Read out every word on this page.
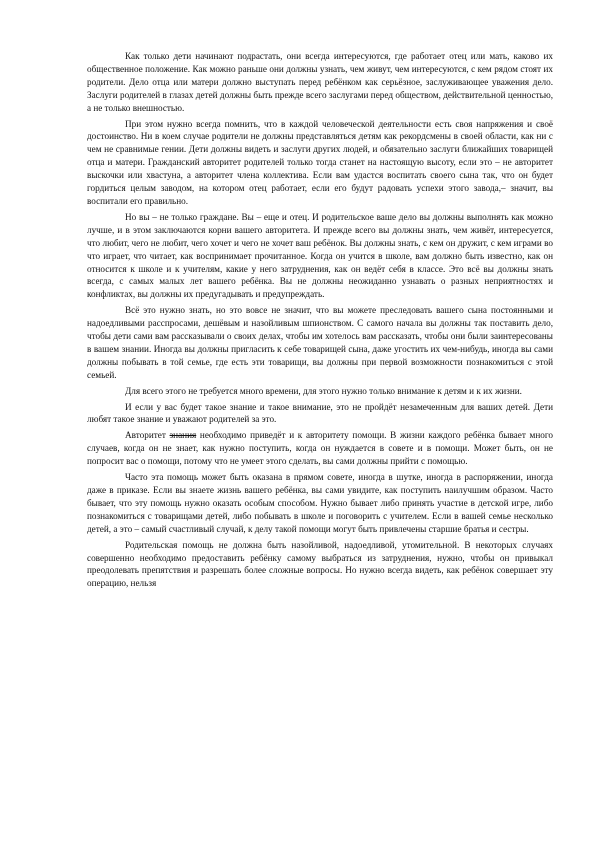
Как только дети начинают подрастать, они всегда интересуются, где работает отец или мать, каково их общественное положение. Как можно раньше они должны узнать, чем живут, чем интересуются, с кем рядом стоят их родители. Дело отца или матери должно выступать перед ребёнком как серьёзное, заслуживающее уважения дело. Заслуги родителей в глазах детей должны быть прежде всего заслугами перед обществом, действительной ценностью, а не только внешностью.

При этом нужно всегда помнить, что в каждой человеческой деятельности есть своя напряжения и своё достоинство. Ни в коем случае родители не должны представляться детям как рекордсмены в своей области, как ни с чем не сравнимые гении. Дети должны видеть и заслуги других людей, и обязательно заслуги ближайших товарищей отца и матери. Гражданский авторитет родителей только тогда станет на настоящую высоту, если это – не авторитет выскочки или хвастуна, а авторитет члена коллектива. Если вам удастся воспитать своего сына так, что он будет гордиться целым заводом, на котором отец работает, если его будут радовать успехи этого завода,– значит, вы воспитали его правильно.

Но вы – не только граждане. Вы – еще и отец. И родительское ваше дело вы должны выполнять как можно лучше, и в этом заключаются корни вашего авторитета. И прежде всего вы должны знать, чем живёт, интересуется, что любит, чего не любит, чего хочет и чего не хочет ваш ребёнок. Вы должны знать, с кем он дружит, с кем играми во что играет, что читает, как воспринимает прочитанное. Когда он учится в школе, вам должно быть известно, как он относится к школе и к учителям, какие у него затруднения, как он ведёт себя в классе. Это всё вы должны знать всегда, с самых малых лет вашего ребёнка. Вы не должны неожиданно узнавать о разных неприятностях и конфликтах, вы должны их предугадывать и предупреждать.

Всё это нужно знать, но это вовсе не значит, что вы можете преследовать вашего сына постоянными и надоедливыми расспросами, дешёвым и назойливым шпионством. С самого начала вы должны так поставить дело, чтобы дети сами вам рассказывали о своих делах, чтобы им хотелось вам рассказать, чтобы они были заинтересованы в вашем знании. Иногда вы должны пригласить к себе товарищей сына, даже угостить их чем-нибудь, иногда вы сами должны побывать в той семье, где есть эти товарищи, вы должны при первой возможности познакомиться с этой семьей.

Для всего этого не требуется много времени, для этого нужно только внимание к детям и к их жизни.

И если у вас будет такое знание и такое внимание, это не пройдёт незамеченным для ваших детей. Дети любят такое знание и уважают родителей за это.

Авторитет знания необходимо приведёт и к авторитету помощи. В жизни каждого ребёнка бывает много случаев, когда он не знает, как нужно поступить, когда он нуждается в совете и в помощи. Может быть, он не попросит вас о помощи, потому что не умеет этого сделать, вы сами должны прийти с помощью.

Часто эта помощь может быть оказана в прямом совете, иногда в шутке, иногда в распоряжении, иногда даже в приказе. Если вы знаете жизнь вашего ребёнка, вы сами увидите, как поступить наилучшим образом. Часто бывает, что эту помощь нужно оказать особым способом. Нужно бывает либо принять участие в детской игре, либо познакомиться с товарищами детей, либо побывать в школе и поговорить с учителем. Если в вашей семье несколько детей, а это – самый счастливый случай, к делу такой помощи могут быть привлечены старшие братья и сестры.

Родительская помощь не должна быть назойливой, надоедливой, утомительной. В некоторых случаях совершенно необходимо предоставить ребёнку самому выбраться из затруднения, нужно, чтобы он привыкал преодолевать препятствия и разрешать более сложные вопросы. Но нужно всегда видеть, как ребёнок совершает эту операцию, нельзя
